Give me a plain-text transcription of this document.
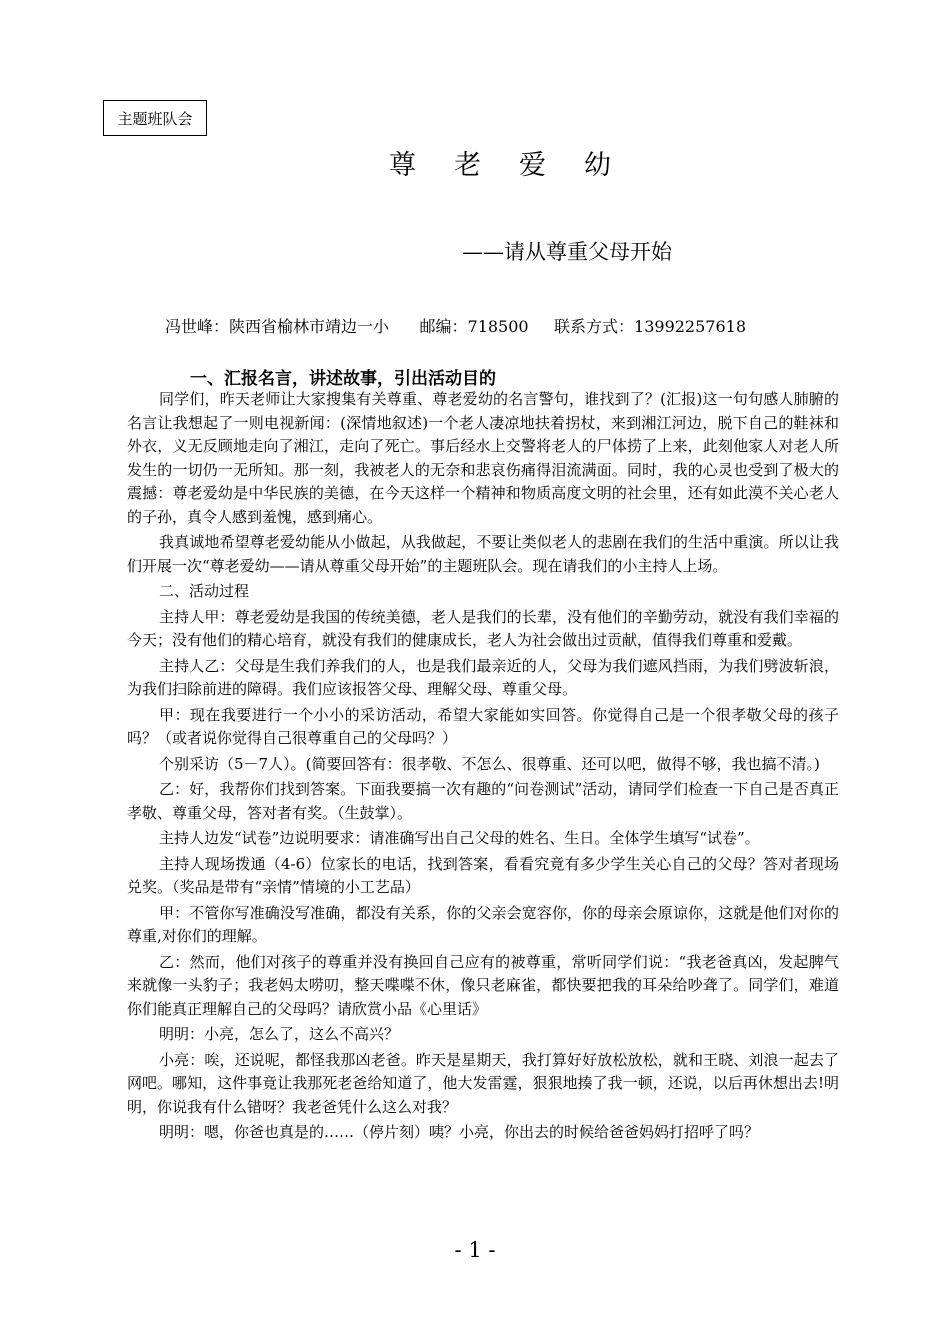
主题班队会
尊老爱幼
——请从尊重父母开始
冯世峰：陕西省榆林市靖边一小      邮编：718500     联系方式：13992257618
一、汇报名言，讲述故事，引出活动目的

同学们，昨天老师让大家搜集有关尊重、尊老爱幼的名言警句，谁找到了？(汇报)这一句句感人肺腑的名言让我想起了一则电视新闻：(深情地叙述)一个老人凄凉地扶着拐杖，来到湘江河边，脱下自己的鞋袜和外衣，义无反顾地走向了湘江，走向了死亡。事后经水上交警将老人的尸体捞了上来，此刻他家人对老人所发生的一切仍一无所知。那一刻，我被老人的无奈和悲哀伤痛得泪流满面。同时，我的心灵也受到了极大的震撼：尊老爱幼是中华民族的美德，在今天这样一个精神和物质高度文明的社会里，还有如此漠不关心老人的子孙，真令人感到羞愧，感到痛心。

我真诚地希望尊老爱幼能从小做起，从我做起，不要让类似老人的悲剧在我们的生活中重演。所以让我们开展一次“尊老爱幼——请从尊重父母开始”的主题班队会。现在请我们的小主持人上场。

二、活动过程

主持人甲：尊老爱幼是我国的传统美德，老人是我们的长辈，没有他们的辛勤劳动，就没有我们幸福的今天；没有他们的精心培育，就没有我们的健康成长，老人为社会做出过贡献，值得我们尊重和爱戴。

主持人乙：父母是生我们养我们的人，也是我们最亲近的人，父母为我们遮风挡雨，为我们劈波斩浪，为我们扫除前进的障碍。我们应该报答父母、理解父母、尊重父母。

甲：现在我要进行一个小小的采访活动，希望大家能如实回答。你觉得自己是一个很孝敬父母的孩子吗？（或者说你觉得自己很尊重自己的父母吗？）

个别采访（5－7人）。(简要回答有：很孝敬、不怎么、很尊重、还可以吧，做得不够，我也搞不清。)

乙：好，我帮你们找到答案。下面我要搞一次有趣的“问卷测试”活动，请同学们检查一下自己是否真正孝敬、尊重父母，答对者有奖。（生鼓掌）。

主持人边发“试卷”边说明要求：请准确写出自己父母的姓名、生日。全体学生填写“试卷”。

主持人现场拨通（4-6）位家长的电话，找到答案，看看究竟有多少学生关心自己的父母？答对者现场兑奖。（奖品是带有“亲情”情境的小工艺品）

甲：不管你写准确没写准确，都没有关系，你的父亲会宽容你，你的母亲会原谅你，这就是他们对你的尊重,对你们的理解。

乙：然而，他们对孩子的尊重并没有换回自己应有的被尊重，常听同学们说：“我老爸真凶，发起脾气来就像一头豹子；我老妈太唠叨，整天喋喋不休，像只老麻雀，都快要把我的耳朵给吵聋了。同学们，难道你们能真正理解自己的父母吗？请欣赏小品《心里话》

明明：小亮，怎么了，这么不高兴？

小亮：唉，还说呢，都怪我那凶老爸。昨天是星期天，我打算好好放松放松，就和王晓、刘浪一起去了网吧。哪知，这件事竟让我那死老爸给知道了，他大发雷霆，狠狠地揍了我一顿，还说，以后再休想出去!明明，你说我有什么错呀？我老爸凭什么这么对我？

明明：嗯，你爸也真是的……（停片刻）咦？小亮，你出去的时候给爸爸妈妈打招呼了吗？

- 1 -
